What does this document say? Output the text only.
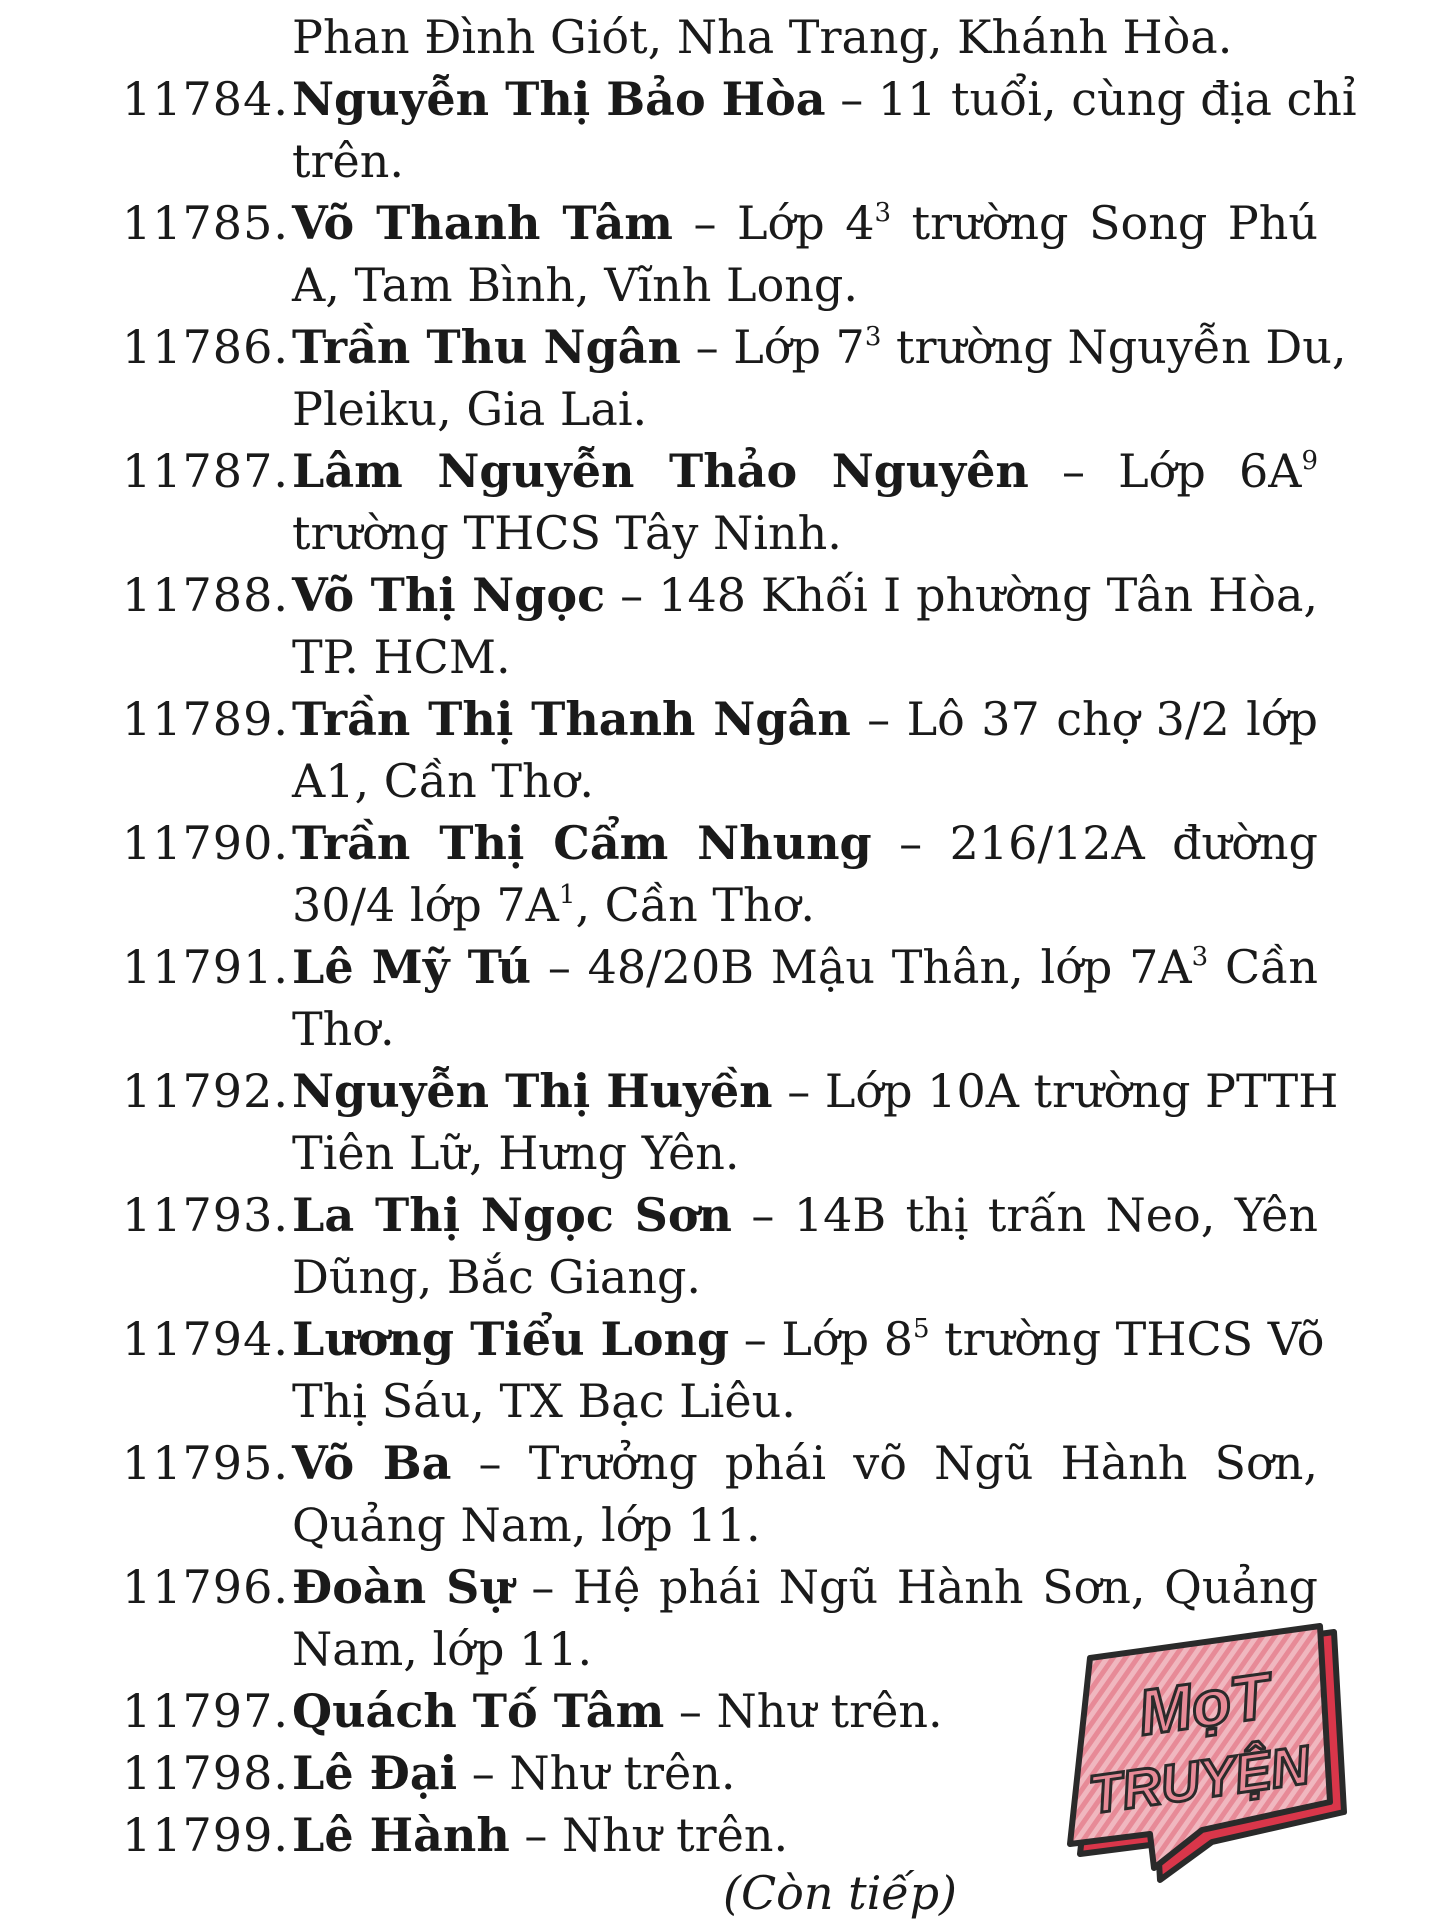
Phan Đình Giót, Nha Trang, Khánh Hòa.
11784. Nguyễn Thị Bảo Hòa – 11 tuổi, cùng địa chỉ
trên.
11785. Võ Thanh Tâm – Lớp $4^3$ trường Song Phú
A, Tam Bình, Vĩnh Long.
11786. Trần Thu Ngân – Lớp $7^3$ trường Nguyễn Du,
Pleiku, Gia Lai.
11787. Lâm Nguyễn Thảo Nguyên – Lớp $6A^9$
trường THCS Tây Ninh.
11788. Võ Thị Ngọc – 148 Khối I phường Tân Hòa,
TP. HCM.
11789. Trần Thị Thanh Ngân – Lô 37 chợ 3/2 lớp
A1, Cần Thơ.
11790. Trần Thị Cẩm Nhung – 216/12A đường
30/4 lớp $7A^1$, Cần Thơ.
11791. Lê Mỹ Tú – 48/20B Mậu Thân, lớp $7A^3$ Cần
Thơ.
11792. Nguyễn Thị Huyền – Lớp 10A trường PTTH
Tiên Lữ, Hưng Yên.
11793. La Thị Ngọc Sơn – 14B thị trấn Neo, Yên
Dũng, Bắc Giang.
11794. Lương Tiểu Long – Lớp $8^5$ trường THCS Võ
Thị Sáu, TX Bạc Liêu.
11795. Võ Ba – Trưởng phái võ Ngũ Hành Sơn,
Quảng Nam, lớp 11.
11796. Đoàn Sự – Hệ phái Ngũ Hành Sơn, Quảng
Nam, lớp 11.
11797. Quách Tố Tâm – Như trên.
11798. Lê Đại – Như trên.
11799. Lê Hành – Như trên.
(Còn tiếp)
MọT
TRUYỆN
